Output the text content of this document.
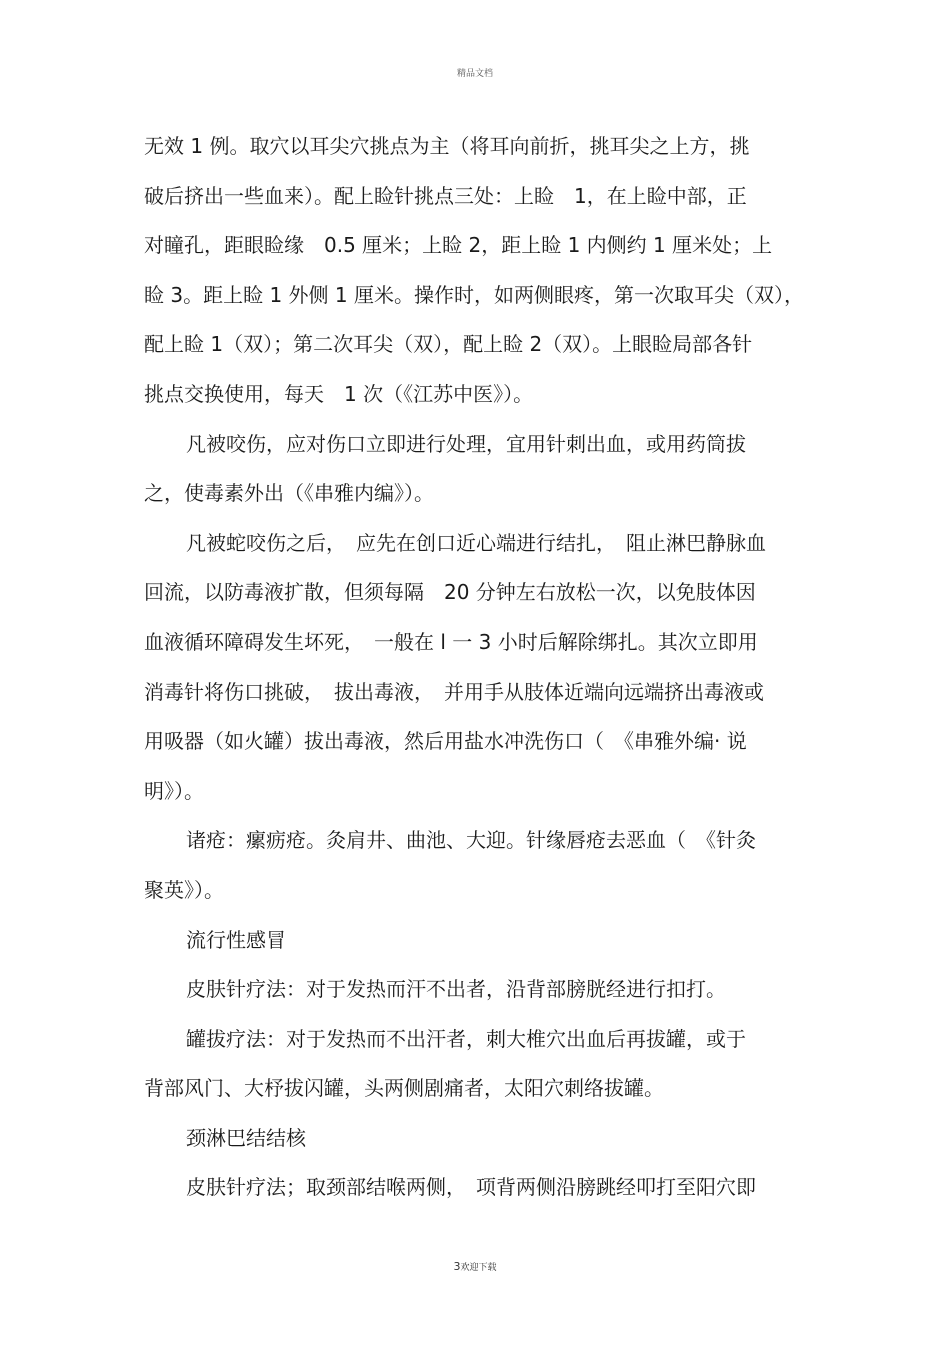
精品文档
无效 1 例。取穴以耳尖穴挑点为主（将耳向前折，挑耳尖之上方，挑
破后挤出一些血来）。配上睑针挑点三处：上睑　1，在上睑中部，正
对瞳孔，距眼睑缘　0.5 厘米；上睑 2，距上睑 1 内侧约 1 厘米处；上
睑 3。距上睑 1 外侧 1 厘米。操作时，如两侧眼疼，第一次取耳尖（双），
配上睑 1（双）；第二次耳尖（双），配上睑 2（双）。上眼睑局部各针
挑点交换使用，每天　1 次（《江苏中医》）。
凡被咬伤，应对伤口立即进行处理，宜用针刺出血，或用药筒拔
之，使毒素外出（《串雅内编》）。
凡被蛇咬伤之后，　应先在创口近心端进行结扎，　阻止淋巴静脉血
回流，以防毒液扩散，但须每隔　20 分钟左右放松一次，以免肢体因
血液循环障碍发生坏死，　一般在 l 一 3 小时后解除绑扎。其次立即用
消毒针将伤口挑破，　拔出毒液，　并用手从肢体近端向远端挤出毒液或
用吸器（如火罐）拔出毒液，然后用盐水冲洗伤口（　《串雅外编· 说
明》）。
诸疮：瘰疬疮。灸肩井、曲池、大迎。针缘唇疮去恶血（　《针灸
聚英》）。
流行性感冒
皮肤针疗法：对于发热而汗不出者，沿背部膀胱经进行扣打。
罐拔疗法：对于发热而不出汗者，刺大椎穴出血后再拔罐，或于
背部风门、大杼拔闪罐，头两侧剧痛者，太阳穴刺络拔罐。
颈淋巴结结核
皮肤针疗法；取颈部结喉两侧，　项背两侧沿膀跳经叩打至阳穴即
3欢迎下载
